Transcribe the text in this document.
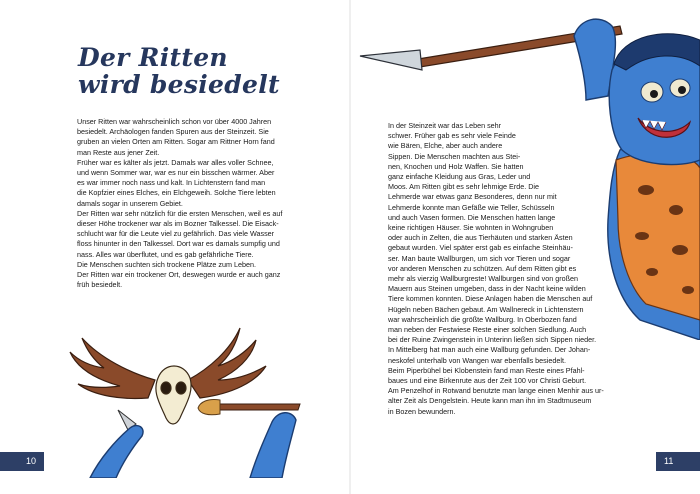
Der Ritten
wird besiedelt

Unser Ritten war wahrscheinlich schon vor über 4000 Jahren

besiedelt. Archäologen fanden Spuren aus der Steinzeit. Sie

gruben an vielen Orten am Ritten. Sogar am Rittner Horn fand

man Reste aus jener Zeit.

Früher war es kälter als jetzt. Damals war alles voller Schnee,

und wenn Sommer war, war es nur ein bisschen wärmer. Aber

es war immer noch nass und kalt. In Lichtenstern fand man

die Kopfzier eines Elches, ein Elchgeweih. Solche Tiere lebten

damals sogar in unserem Gebiet.

Der Ritten war sehr nützlich für die ersten Menschen, weil es auf

dieser Höhe trockener war als im Bozner Talkessel. Die Eisack-

schlucht war für die Leute viel zu gefährlich. Das viele Wasser

floss hinunter in den Talkessel. Dort war es damals sumpfig und

nass. Alles war überflutet, und es gab gefährliche Tiere.

Die Menschen suchten sich trockene Plätze zum Leben.

Der Ritten war ein trockener Ort, deswegen wurde er auch ganz

früh besiedelt.

10

In der Steinzeit war das Leben sehr

schwer. Früher gab es sehr viele Feinde

wie Bären, Elche, aber auch andere

Sippen. Die Menschen machten aus Stei-

nen, Knochen und Holz Waffen. Sie hatten

ganz einfache Kleidung aus Gras, Leder und

Moos. Am Ritten gibt es sehr lehmige Erde. Die

Lehmerde war etwas ganz Besonderes, denn nur mit

Lehmerde konnte man Gefäße wie Teller, Schüsseln

und auch Vasen formen. Die Menschen hatten lange

keine richtigen Häuser. Sie wohnten in Wohngruben

oder auch in Zelten, die aus Tierhäuten und starken Ästen

gebaut wurden. Viel später erst gab es einfache Steinhäu-

ser. Man baute Wallburgen, um sich vor Tieren und sogar

vor anderen Menschen zu schützen. Auf dem Ritten gibt es

mehr als vierzig Wallburgreste! Wallburgen sind von großen

Mauern aus Steinen umgeben, dass in der Nacht keine wilden

Tiere kommen konnten. Diese Anlagen haben die Menschen auf

Hügeln neben Bächen gebaut. Am Wallnereck in Lichtenstern

war wahrscheinlich die größte Wallburg. In Oberbozen fand

man neben der Festwiese Reste einer solchen Siedlung. Auch

bei der Ruine Zwingenstein in Unterinn ließen sich Sippen nieder.

In Mittelberg hat man auch eine Wallburg gefunden. Der Johan-

neskofel unterhalb von Wangen war ebenfalls besiedelt.

Beim Piperbühel bei Klobenstein fand man Reste eines Pfahl-

baues und eine Birkenrute aus der Zeit 100 vor Christi Geburt.

Am Penzelhof in Rotwand benutzte man lange einen Menhir aus ur-

alter Zeit als Dengelstein. Heute kann man ihn im Stadtmuseum

in Bozen bewundern.

11
